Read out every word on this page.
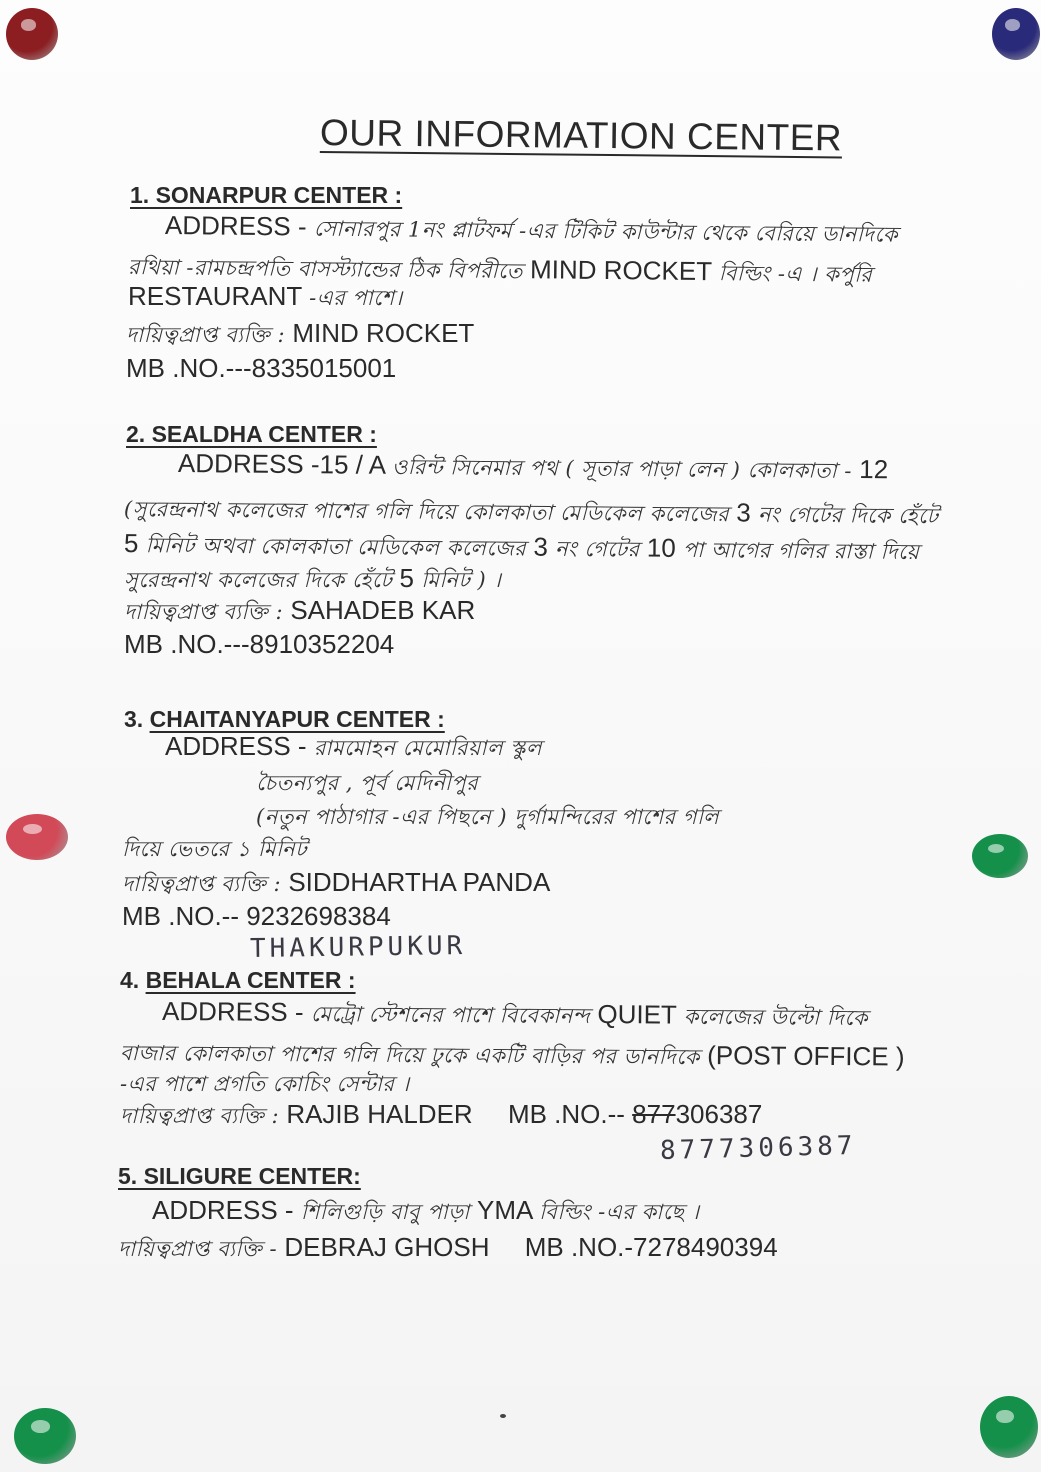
OUR INFORMATION CENTER
1. SONARPUR CENTER :
ADDRESS - সোনারপুর 1নং প্লাটফর্ম -এর টিকিট কাউন্টার থেকে বেরিয়ে ডানদিকে
রথিয়া -রামচন্দ্রপতি বাসস্ট্যান্ডের ঠিক বিপরীতে MIND ROCKET বিল্ডিং -এ । কর্পুরি
RESTAURANT -এর পাশে।
দায়িত্বপ্রাপ্ত ব্যক্তি : MIND ROCKET
MB .NO.---8335015001
2. SEALDHA CENTER :
ADDRESS -15 / A ওরিন্ট সিনেমার পথ ( সূতার পাড়া লেন ) কোলকাতা - 12
(সুরেন্দ্রনাথ কলেজের পাশের গলি দিয়ে কোলকাতা মেডিকেল কলেজের 3 নং গেটের দিকে হেঁটে
5 মিনিট অথবা কোলকাতা মেডিকেল কলেজের 3 নং গেটের 10 পা আগের গলির রাস্তা দিয়ে
সুরেন্দ্রনাথ কলেজের দিকে হেঁটে 5 মিনিট ) ।
দায়িত্বপ্রাপ্ত ব্যক্তি : SAHADEB KAR
MB .NO.---8910352204
3. CHAITANYAPUR CENTER :
ADDRESS - রামমোহন মেমোরিয়াল স্কুল
চৈতন্যপুর , পূর্ব মেদিনীপুর
(নতুন পাঠাগার -এর পিছনে ) দুর্গামন্দিরের পাশের গলি
দিয়ে ভেতরে ১ মিনিট
দায়িত্বপ্রাপ্ত ব্যক্তি : SIDDHARTHA PANDA
MB .NO.-- 9232698384
THAKURPUKUR
4. BEHALA CENTER :
ADDRESS - মেট্রো স্টেশনের পাশে বিবেকানন্দ QUIET কলেজের উল্টো দিকে
বাজার কোলকাতা পাশের গলি দিয়ে ঢুকে একটি বাড়ির পর ডানদিকে (POST OFFICE )
-এর পাশে প্রগতি কোচিং সেন্টার ।
দায়িত্বপ্রাপ্ত ব্যক্তি : RAJIB HALDER MB .NO.-- 877306387
8777306387
5. SILIGURE CENTER:
ADDRESS - শিলিগুড়ি বাবু পাড়া YMA বিল্ডিং -এর কাছে ।
দায়িত্বপ্রাপ্ত ব্যক্তি - DEBRAJ GHOSH MB .NO.-7278490394
